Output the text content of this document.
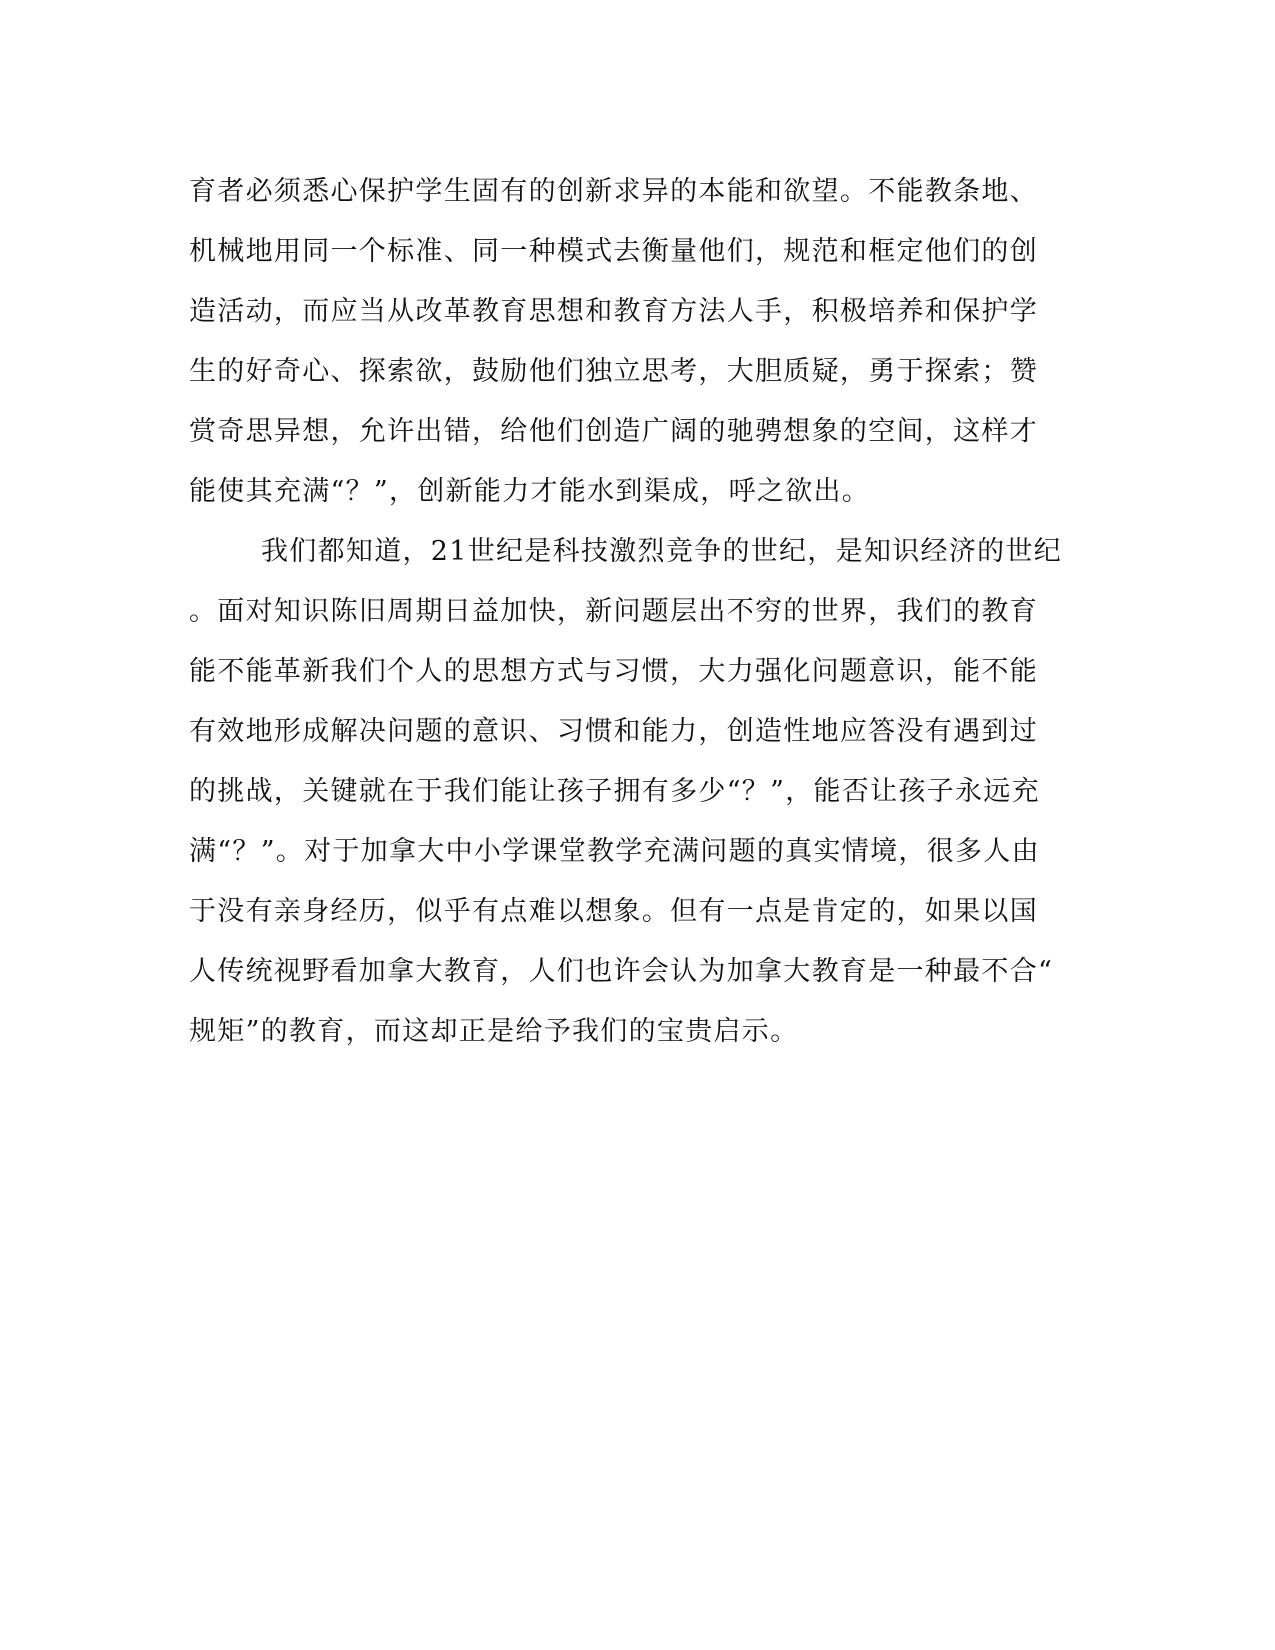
育者必须悉心保护学生固有的创新求异的本能和欲望。不能教条地、
机械地用同一个标准、同一种模式去衡量他们，规范和框定他们的创
造活动，而应当从改革教育思想和教育方法人手，积极培养和保护学
生的好奇心、探索欲，鼓励他们独立思考，大胆质疑，勇于探索；赞
赏奇思异想，允许出错，给他们创造广阔的驰骋想象的空间，这样才
能使其充满“？”，创新能力才能水到渠成，呼之欲出。
我们都知道，21世纪是科技激烈竞争的世纪，是知识经济的世纪
。面对知识陈旧周期日益加快，新问题层出不穷的世界，我们的教育
能不能革新我们个人的思想方式与习惯，大力强化问题意识，能不能
有效地形成解决问题的意识、习惯和能力，创造性地应答没有遇到过
的挑战，关键就在于我们能让孩子拥有多少“？”，能否让孩子永远充
满“？”。对于加拿大中小学课堂教学充满问题的真实情境，很多人由
于没有亲身经历，似乎有点难以想象。但有一点是肯定的，如果以国
人传统视野看加拿大教育，人们也许会认为加拿大教育是一种最不合“
规矩”的教育，而这却正是给予我们的宝贵启示。
